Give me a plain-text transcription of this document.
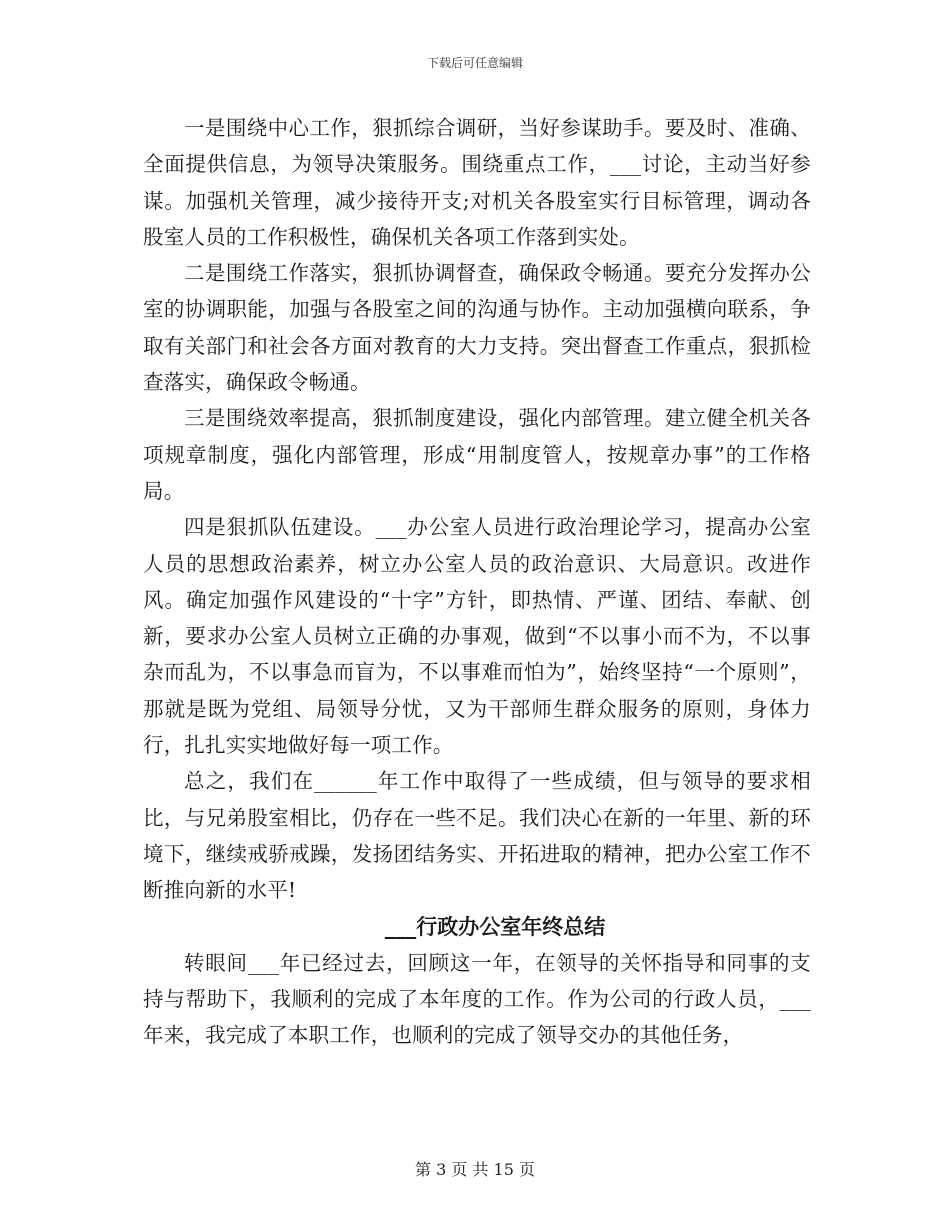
下载后可任意编辑

一是围绕中心工作，狠抓综合调研，当好参谋助手。要及时、准确、全面提供信息，为领导决策服务。围绕重点工作，___讨论，主动当好参谋。加强机关管理，减少接待开支;对机关各股室实行目标管理，调动各股室人员的工作积极性，确保机关各项工作落到实处。

二是围绕工作落实，狠抓协调督查，确保政令畅通。要充分发挥办公室的协调职能，加强与各股室之间的沟通与协作。主动加强横向联系，争取有关部门和社会各方面对教育的大力支持。突出督查工作重点，狠抓检查落实，确保政令畅通。

三是围绕效率提高，狠抓制度建设，强化内部管理。建立健全机关各项规章制度，强化内部管理，形成“用制度管人，按规章办事”的工作格局。

四是狠抓队伍建设。___办公室人员进行政治理论学习，提高办公室人员的思想政治素养，树立办公室人员的政治意识、大局意识。改进作风。确定加强作风建设的“十字”方针，即热情、严谨、团结、奉献、创新，要求办公室人员树立正确的办事观，做到“不以事小而不为，不以事杂而乱为，不以事急而盲为，不以事难而怕为”，始终坚持“一个原则”，那就是既为党组、局领导分忧，又为干部师生群众服务的原则，身体力行，扎扎实实地做好每一项工作。

总之，我们在______年工作中取得了一些成绩，但与领导的要求相比，与兄弟股室相比，仍存在一些不足。我们决心在新的一年里、新的环境下，继续戒骄戒躁，发扬团结务实、开拓进取的精神，把办公室工作不断推向新的水平!

___行政办公室年终总结

转眼间___年已经过去，回顾这一年，在领导的关怀指导和同事的支持与帮助下，我顺利的完成了本年度的工作。作为公司的行政人员，___年来，我完成了本职工作，也顺利的完成了领导交办的其他任务，

第 3 页 共 15 页
